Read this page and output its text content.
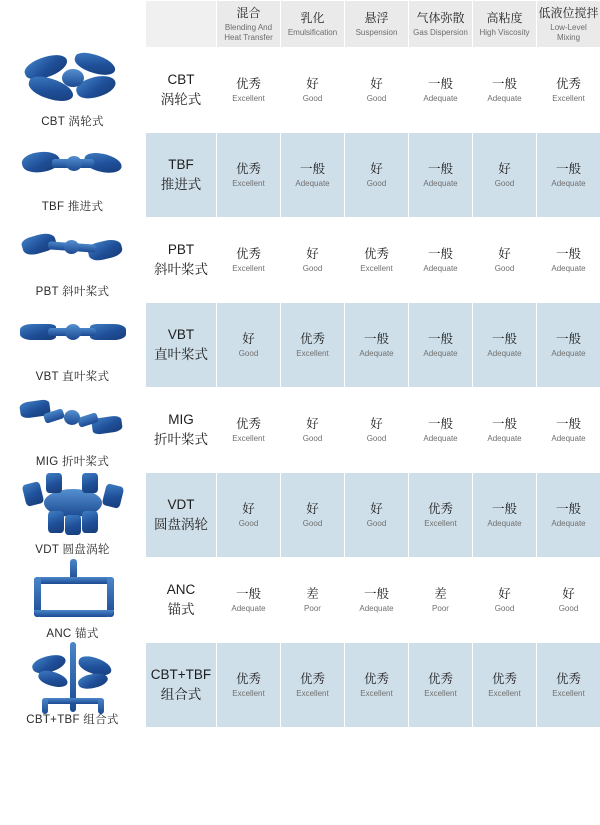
CBT 涡轮式
TBF 推进式
PBT 斜叶桨式
VBT 直叶桨式
MIG 折叶桨式
VDT 圆盘涡轮
ANC 锚式
CBT+TBF 组合式

	混合
Blending And Heat Transfer	乳化
Emulsification	悬浮
Suspension	气体弥散
Gas Dispersion	高粘度
High Viscosity	低液位搅拌
Low-Level Mixing

CBT
涡轮式	优秀
Excellent	好
Good	好
Good	一般
Adequate	一般
Adequate	优秀
Excellent

TBF
推进式	优秀
Excellent	一般
Adequate	好
Good	一般
Adequate	好
Good	一般
Adequate

PBT
斜叶桨式	优秀
Excellent	好
Good	优秀
Excellent	一般
Adequate	好
Good	一般
Adequate

VBT
直叶桨式	好
Good	优秀
Excellent	一般
Adequate	一般
Adequate	一般
Adequate	一般
Adequate

MIG
折叶桨式	优秀
Excellent	好
Good	好
Good	一般
Adequate	一般
Adequate	一般
Adequate

VDT
圆盘涡轮	好
Good	好
Good	好
Good	优秀
Excellent	一般
Adequate	一般
Adequate

ANC
锚式	一般
Adequate	差
Poor	一般
Adequate	差
Poor	好
Good	好
Good

CBT+TBF
组合式	优秀
Excellent	优秀
Excellent	优秀
Excellent	优秀
Excellent	优秀
Excellent	优秀
Excellent
